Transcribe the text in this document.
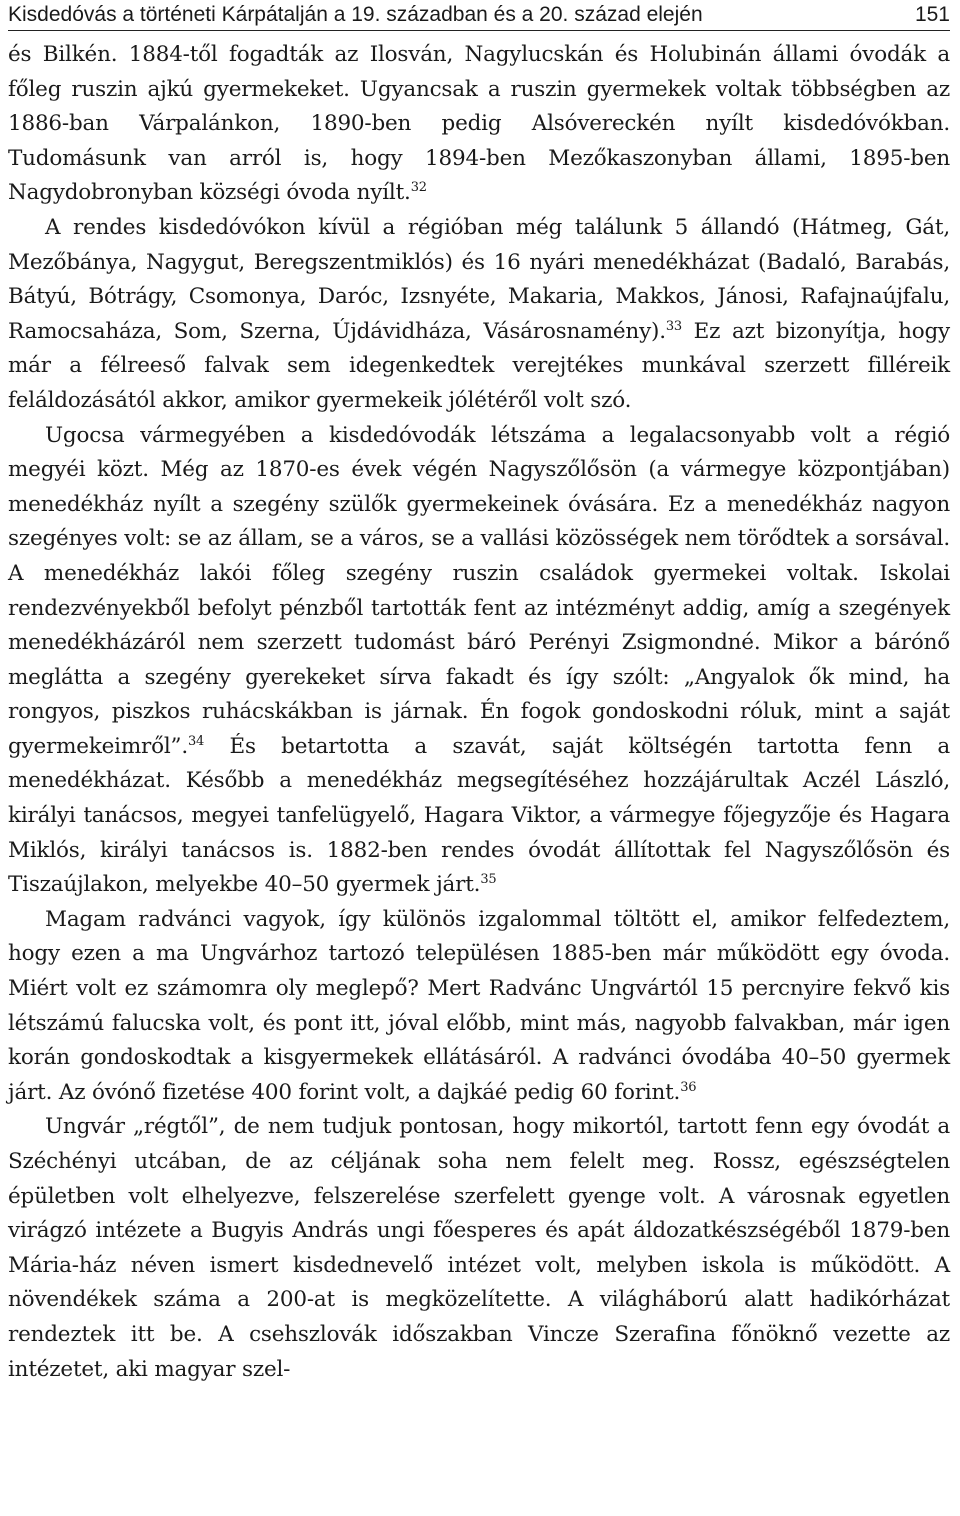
Kisdedóvás a történeti Kárpátalján a 19. században és a 20. század elején	151

és Bilkén. 1884-től fogadták az Ilosván, Nagylucskán és Holubinán állami óvodák a főleg ruszin ajkú gyermekeket. Ugyancsak a ruszin gyermekek voltak többségben az 1886-ban Várpalánkon, 1890-ben pedig Alsóvereckén nyílt kisdedóvókban. Tudomásunk van arról is, hogy 1894-ben Mezőkaszonyban állami, 1895-ben Nagydobronyban községi óvoda nyílt.$^{32}$

A rendes kisdedóvókon kívül a régióban még találunk 5 állandó (Hátmeg, Gát, Mezőbánya, Nagygut, Beregszentmiklós) és 16 nyári menedékházat (Badaló, Barabás, Bátyú, Bótrágy, Csomonya, Daróc, Izsnyéte, Makaria, Makkos, Jánosi, Rafajnaújfalu, Ramocsaháza, Som, Szerna, Újdávidháza, Vásárosnamény).$^{33}$ Ez azt bizonyítja, hogy már a félreeső falvak sem idegenkedtek verejtékes munkával szerzett filléreik feláldozásától akkor, amikor gyermekeik jólétéről volt szó.

Ugocsa vármegyében a kisdedóvodák létszáma a legalacsonyabb volt a régió megyéi közt. Még az 1870-es évek végén Nagyszőlősön (a vármegye központjában) menedékház nyílt a szegény szülők gyermekeinek óvására. Ez a menedékház nagyon szegényes volt: se az állam, se a város, se a vallási közösségek nem törődtek a sorsával. A menedékház lakói főleg szegény ruszin családok gyermekei voltak. Iskolai rendezvényekből befolyt pénzből tartották fent az intézményt addig, amíg a szegények menedékházáról nem szerzett tudomást báró Perényi Zsigmondné. Mikor a bárónő meglátta a szegény gyerekeket sírva fakadt és így szólt: „Angyalok ők mind, ha rongyos, piszkos ruhácskákban is járnak. Én fogok gondoskodni róluk, mint a saját gyermekeimről”.$^{34}$ És betartotta a szavát, saját költségén tartotta fenn a menedékházat. Később a menedékház megsegítéséhez hozzájárultak Aczél László, királyi tanácsos, megyei tanfelügyelő, Hagara Viktor, a vármegye főjegyzője és Hagara Miklós, királyi tanácsos is. 1882-ben rendes óvodát állítottak fel Nagyszőlősön és Tiszaújlakon, melyekbe 40–50 gyermek járt.$^{35}$

Magam radvánci vagyok, így különös izgalommal töltött el, amikor felfedeztem, hogy ezen a ma Ungvárhoz tartozó településen 1885-ben már működött egy óvoda. Miért volt ez számomra oly meglepő? Mert Radvánc Ungvártól 15 percnyire fekvő kis létszámú falucska volt, és pont itt, jóval előbb, mint más, nagyobb falvakban, már igen korán gondoskodtak a kisgyermekek ellátásáról. A radvánci óvodába 40–50 gyermek járt. Az óvónő fizetése 400 forint volt, a dajkáé pedig 60 forint.$^{36}$

Ungvár „régtől”, de nem tudjuk pontosan, hogy mikortól, tartott fenn egy óvodát a Széchényi utcában, de az céljának soha nem felelt meg. Rossz, egészségtelen épületben volt elhelyezve, felszerelése szerfelett gyenge volt. A városnak egyetlen virágzó intézete a Bugyis András ungi főesperes és apát áldozatkészségéből 1879-ben Mária-ház néven ismert kisdednevelő intézet volt, melyben iskola is működött. A növendékek száma a 200-at is megközelítette. A világháború alatt hadikórházat rendeztek itt be. A csehszlovák időszakban Vincze Szerafina főnöknő vezette az intézetet, aki magyar szel-
